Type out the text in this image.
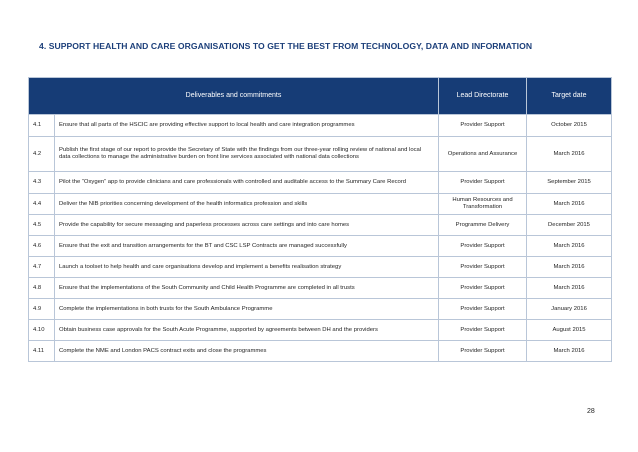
4. SUPPORT HEALTH AND CARE ORGANISATIONS TO GET THE BEST FROM TECHNOLOGY, DATA AND INFORMATION
Deliverables and commitments		Lead Directorate	Target date
4.1	Ensure that all parts of the HSCIC are providing effective support to local health and care integration programmes	Provider Support	October 2015
4.2	Publish the first stage of our report to provide the Secretary of State with the findings from our three-year rolling review of national and local data collections to manage the administrative burden on front line services associated with national data collections	Operations and Assurance	March 2016
4.3	Pilot the “Oxygen” app to provide clinicians and care professionals with controlled and auditable access to the Summary Care Record	Provider Support	September 2015
4.4	Deliver the NIB priorities concerning development of the health informatics profession and skills	Human Resources and Transformation	March 2016
4.5	Provide the capability for secure messaging and paperless processes across care settings and into care homes	Programme Delivery	December 2015
4.6	Ensure that the exit and transition arrangements for the BT and CSC LSP Contracts are managed successfully	Provider Support	March 2016
4.7	Launch a toolset to help health and care organisations develop and implement a benefits realisation strategy	Provider Support	March 2016
4.8	Ensure that the implementations of the South Community and Child Health Programme are completed in all trusts	Provider Support	March 2016
4.9	Complete the implementations in both trusts for the South Ambulance Programme	Provider Support	January 2016
4.10	Obtain business case approvals for the South Acute Programme, supported by agreements between DH and the providers	Provider Support	August 2015
4.11	Complete the NME and London PACS contract exits and close the programmes	Provider Support	March 2016
28
